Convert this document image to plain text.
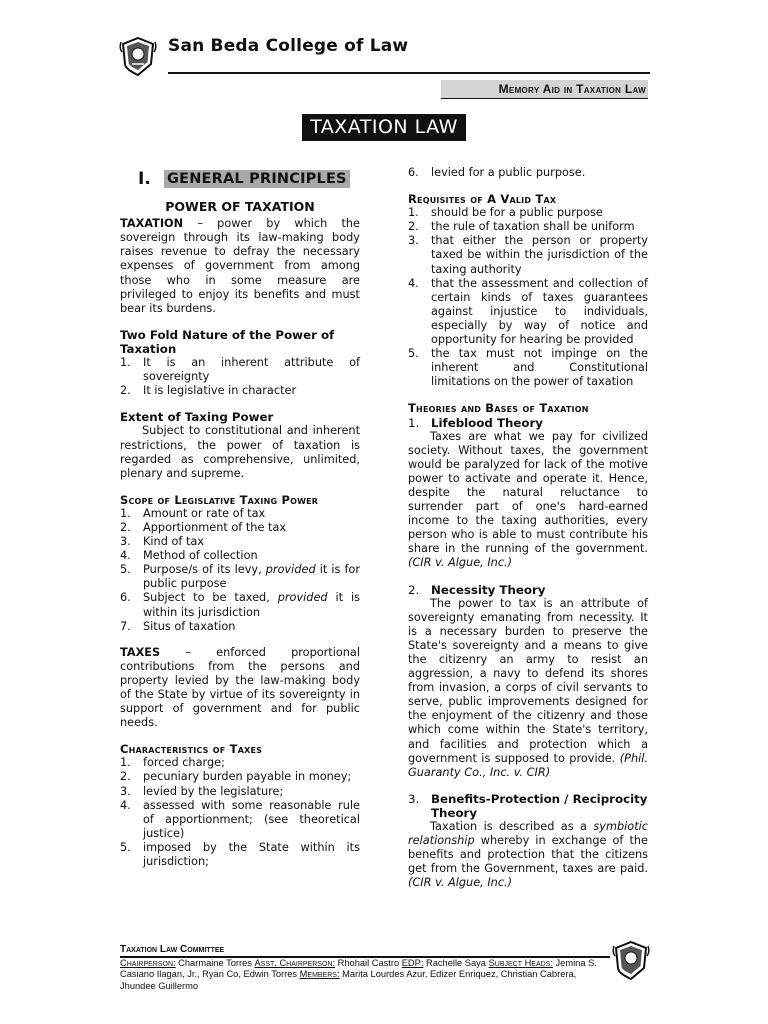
San Beda College of Law
Memory Aid in Taxation Law
TAXATION LAW
I.	GENERAL PRINCIPLES
POWER OF TAXATION

TAXATION – power by which the sovereign through its law-making body raises revenue to defray the necessary expenses of government from among those who in some measure are privileged to enjoy its benefits and must bear its burdens.

Two Fold Nature of the Power of Taxation

1.	It is an inherent attribute of sovereignty
2.	It is legislative in character

Extent of Taxing Power

Subject to constitutional and inherent restrictions, the power of taxation is regarded as comprehensive, unlimited, plenary and supreme.

Scope of Legislative Taxing Power

1.	Amount or rate of tax
2.	Apportionment of the tax
3.	Kind of tax
4.	Method of collection
5.	Purpose/s of its levy, provided it is for public purpose
6.	Subject to be taxed, provided it is within its jurisdiction
7.	Situs of taxation

TAXES – enforced proportional contributions from the persons and property levied by the law-making body of the State by virtue of its sovereignty in support of government and for public needs.

Characteristics of Taxes

1.	forced charge;
2.	pecuniary burden payable in money;
3.	levied by the legislature;
4.	assessed with some reasonable rule of apportionment; (see theoretical justice)
5.	imposed by the State within its jurisdiction;
6.	levied for a public purpose.

Requisites of A Valid Tax

1.	should be for a public purpose
2.	the rule of taxation shall be uniform
3.	that either the person or property taxed be within the jurisdiction of the taxing authority
4.	that the assessment and collection of certain kinds of taxes guarantees against injustice to individuals, especially by way of notice and opportunity for hearing be provided
5.	the tax must not impinge on the inherent and Constitutional limitations on the power of taxation

Theories and Bases of Taxation

1. Lifeblood Theory

Taxes are what we pay for civilized society. Without taxes, the government would be paralyzed for lack of the motive power to activate and operate it. Hence, despite the natural reluctance to surrender part of one's hard-earned income to the taxing authorities, every person who is able to must contribute his share in the running of the government. (CIR v. Algue, Inc.)

2. Necessity Theory

The power to tax is an attribute of sovereignty emanating from necessity. It is a necessary burden to preserve the State's sovereignty and a means to give the citizenry an army to resist an aggression, a navy to defend its shores from invasion, a corps of civil servants to serve, public improvements designed for the enjoyment of the citizenry and those which come within the State's territory, and facilities and protection which a government is supposed to provide. (Phil. Guaranty Co., Inc. v. CIR)

3. Benefits-Protection / Reciprocity Theory

Taxation is described as a symbiotic relationship whereby in exchange of the benefits and protection that the citizens get from the Government, taxes are paid. (CIR v. Algue, Inc.)

Taxation Law Committee

Chairperson: Charmaine Torres Asst. Chairperson: Rhohail Castro EDP: Rachelle Saya Subject Heads: Jemina S. Casiano Ilagan, Jr., Ryan Co, Edwin Torres Members: Marita Lourdes Azur, Edizer Enriquez, Christian Cabrera, Jhundee Guillermo
